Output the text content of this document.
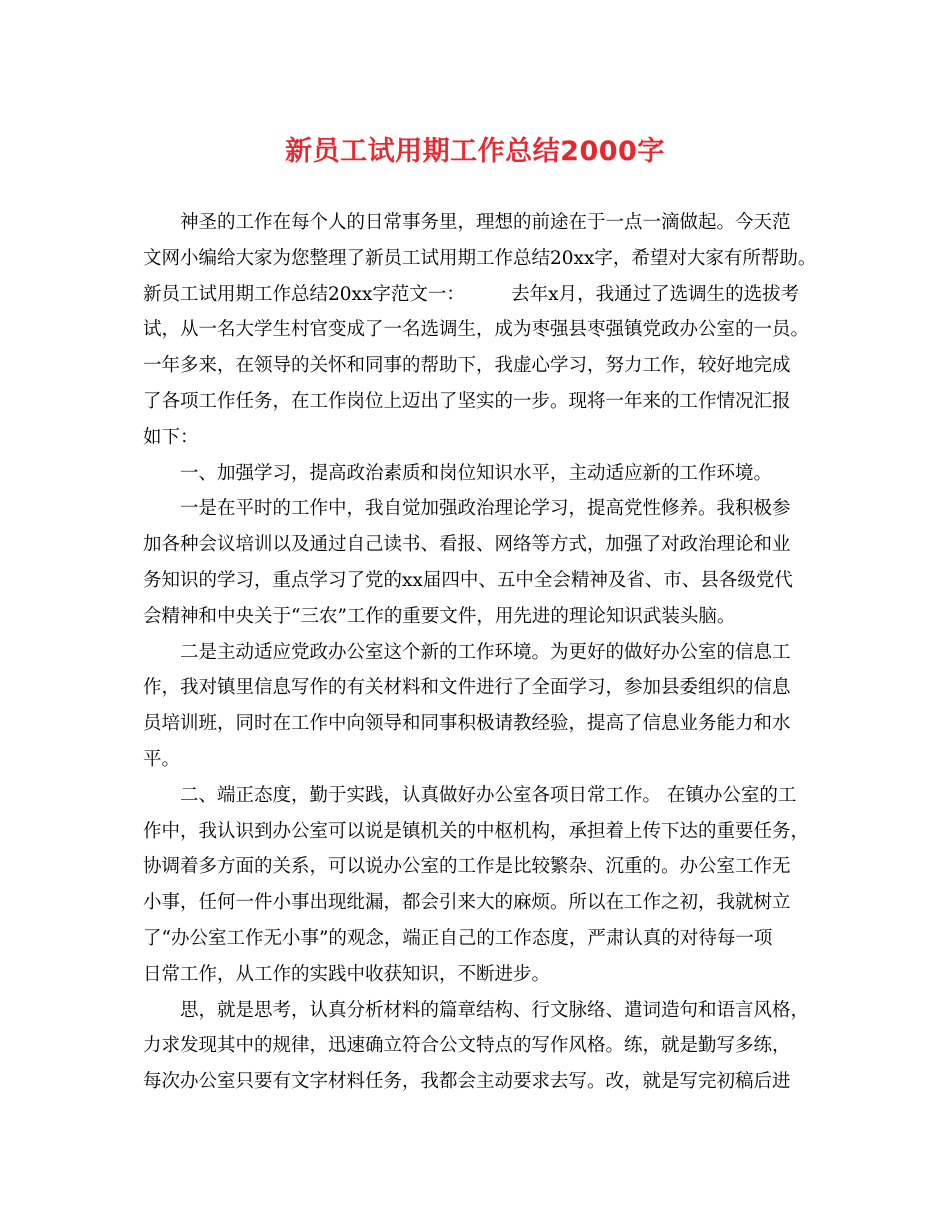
新员工试用期工作总结2000字
神圣的工作在每个人的日常事务里，理想的前途在于一点一滴做起。今天范
文网小编给大家为您整理了新员工试用期工作总结20xx字，希望对大家有所帮助。
新员工试用期工作总结20xx字范文一：　　　去年x月，我通过了选调生的选拔考
试，从一名大学生村官变成了一名选调生，成为枣强县枣强镇党政办公室的一员。
一年多来，在领导的关怀和同事的帮助下，我虚心学习，努力工作，较好地完成
了各项工作任务，在工作岗位上迈出了坚实的一步。现将一年来的工作情况汇报
如下：
一、加强学习，提高政治素质和岗位知识水平，主动适应新的工作环境。
一是在平时的工作中，我自觉加强政治理论学习，提高党性修养。我积极参
加各种会议培训以及通过自己读书、看报、网络等方式，加强了对政治理论和业
务知识的学习，重点学习了党的xx届四中、五中全会精神及省、市、县各级党代
会精神和中央关于“三农”工作的重要文件，用先进的理论知识武装头脑。
二是主动适应党政办公室这个新的工作环境。为更好的做好办公室的信息工
作，我对镇里信息写作的有关材料和文件进行了全面学习，参加县委组织的信息
员培训班，同时在工作中向领导和同事积极请教经验，提高了信息业务能力和水
平。
二、端正态度，勤于实践，认真做好办公室各项日常工作。 在镇办公室的工
作中，我认识到办公室可以说是镇机关的中枢机构，承担着上传下达的重要任务，
协调着多方面的关系，可以说办公室的工作是比较繁杂、沉重的。办公室工作无
小事，任何一件小事出现纰漏，都会引来大的麻烦。所以在工作之初，我就树立
了“办公室工作无小事”的观念，端正自己的工作态度，严肃认真的对待每一项
日常工作，从工作的实践中收获知识，不断进步。
思，就是思考，认真分析材料的篇章结构、行文脉络、遣词造句和语言风格，
力求发现其中的规律，迅速确立符合公文特点的写作风格。练，就是勤写多练，
每次办公室只要有文字材料任务，我都会主动要求去写。改，就是写完初稿后进
